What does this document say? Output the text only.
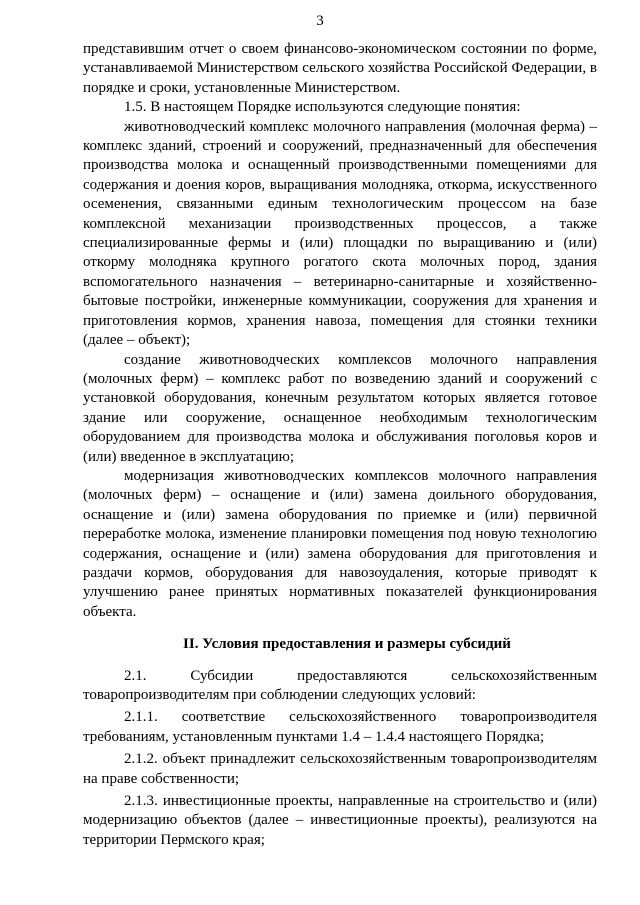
3

представившим отчет о своем финансово-экономическом состоянии по форме, устанавливаемой Министерством сельского хозяйства Российской Федерации, в порядке и сроки, установленные Министерством.

1.5. В настоящем Порядке используются следующие понятия:

животноводческий комплекс молочного направления (молочная ферма) – комплекс зданий, строений и сооружений, предназначенный для обеспечения производства молока и оснащенный производственными помещениями для содержания и доения коров, выращивания молодняка, откорма, искусственного осеменения, связанными единым технологическим процессом на базе комплексной механизации производственных процессов, а также специализированные фермы и (или) площадки по выращиванию и (или) откорму молодняка крупного рогатого скота молочных пород, здания вспомогательного назначения – ветеринарно-санитарные и хозяйственно-бытовые постройки, инженерные коммуникации, сооружения для хранения и приготовления кормов, хранения навоза, помещения для стоянки техники (далее – объект);

создание животноводческих комплексов молочного направления (молочных ферм) – комплекс работ по возведению зданий и сооружений с установкой оборудования, конечным результатом которых является готовое здание или сооружение, оснащенное необходимым технологическим оборудованием для производства молока и обслуживания поголовья коров и (или) введенное в эксплуатацию;

модернизация животноводческих комплексов молочного направления (молочных ферм) – оснащение и (или) замена доильного оборудования, оснащение и (или) замена оборудования по приемке и (или) первичной переработке молока, изменение планировки помещения под новую технологию содержания, оснащение и (или) замена оборудования для приготовления и раздачи кормов, оборудования для навозоудаления, которые приводят к улучшению ранее принятых нормативных показателей функционирования объекта.

II. Условия предоставления и размеры субсидий

2.1. Субсидии предоставляются сельскохозяйственным товаропроизводителям при соблюдении следующих условий:

2.1.1. соответствие сельскохозяйственного товаропроизводителя требованиям, установленным пунктами 1.4 – 1.4.4 настоящего Порядка;

2.1.2. объект принадлежит сельскохозяйственным товаропроизводителям на праве собственности;

2.1.3. инвестиционные проекты, направленные на строительство и (или) модернизацию объектов (далее – инвестиционные проекты), реализуются на территории Пермского края;
